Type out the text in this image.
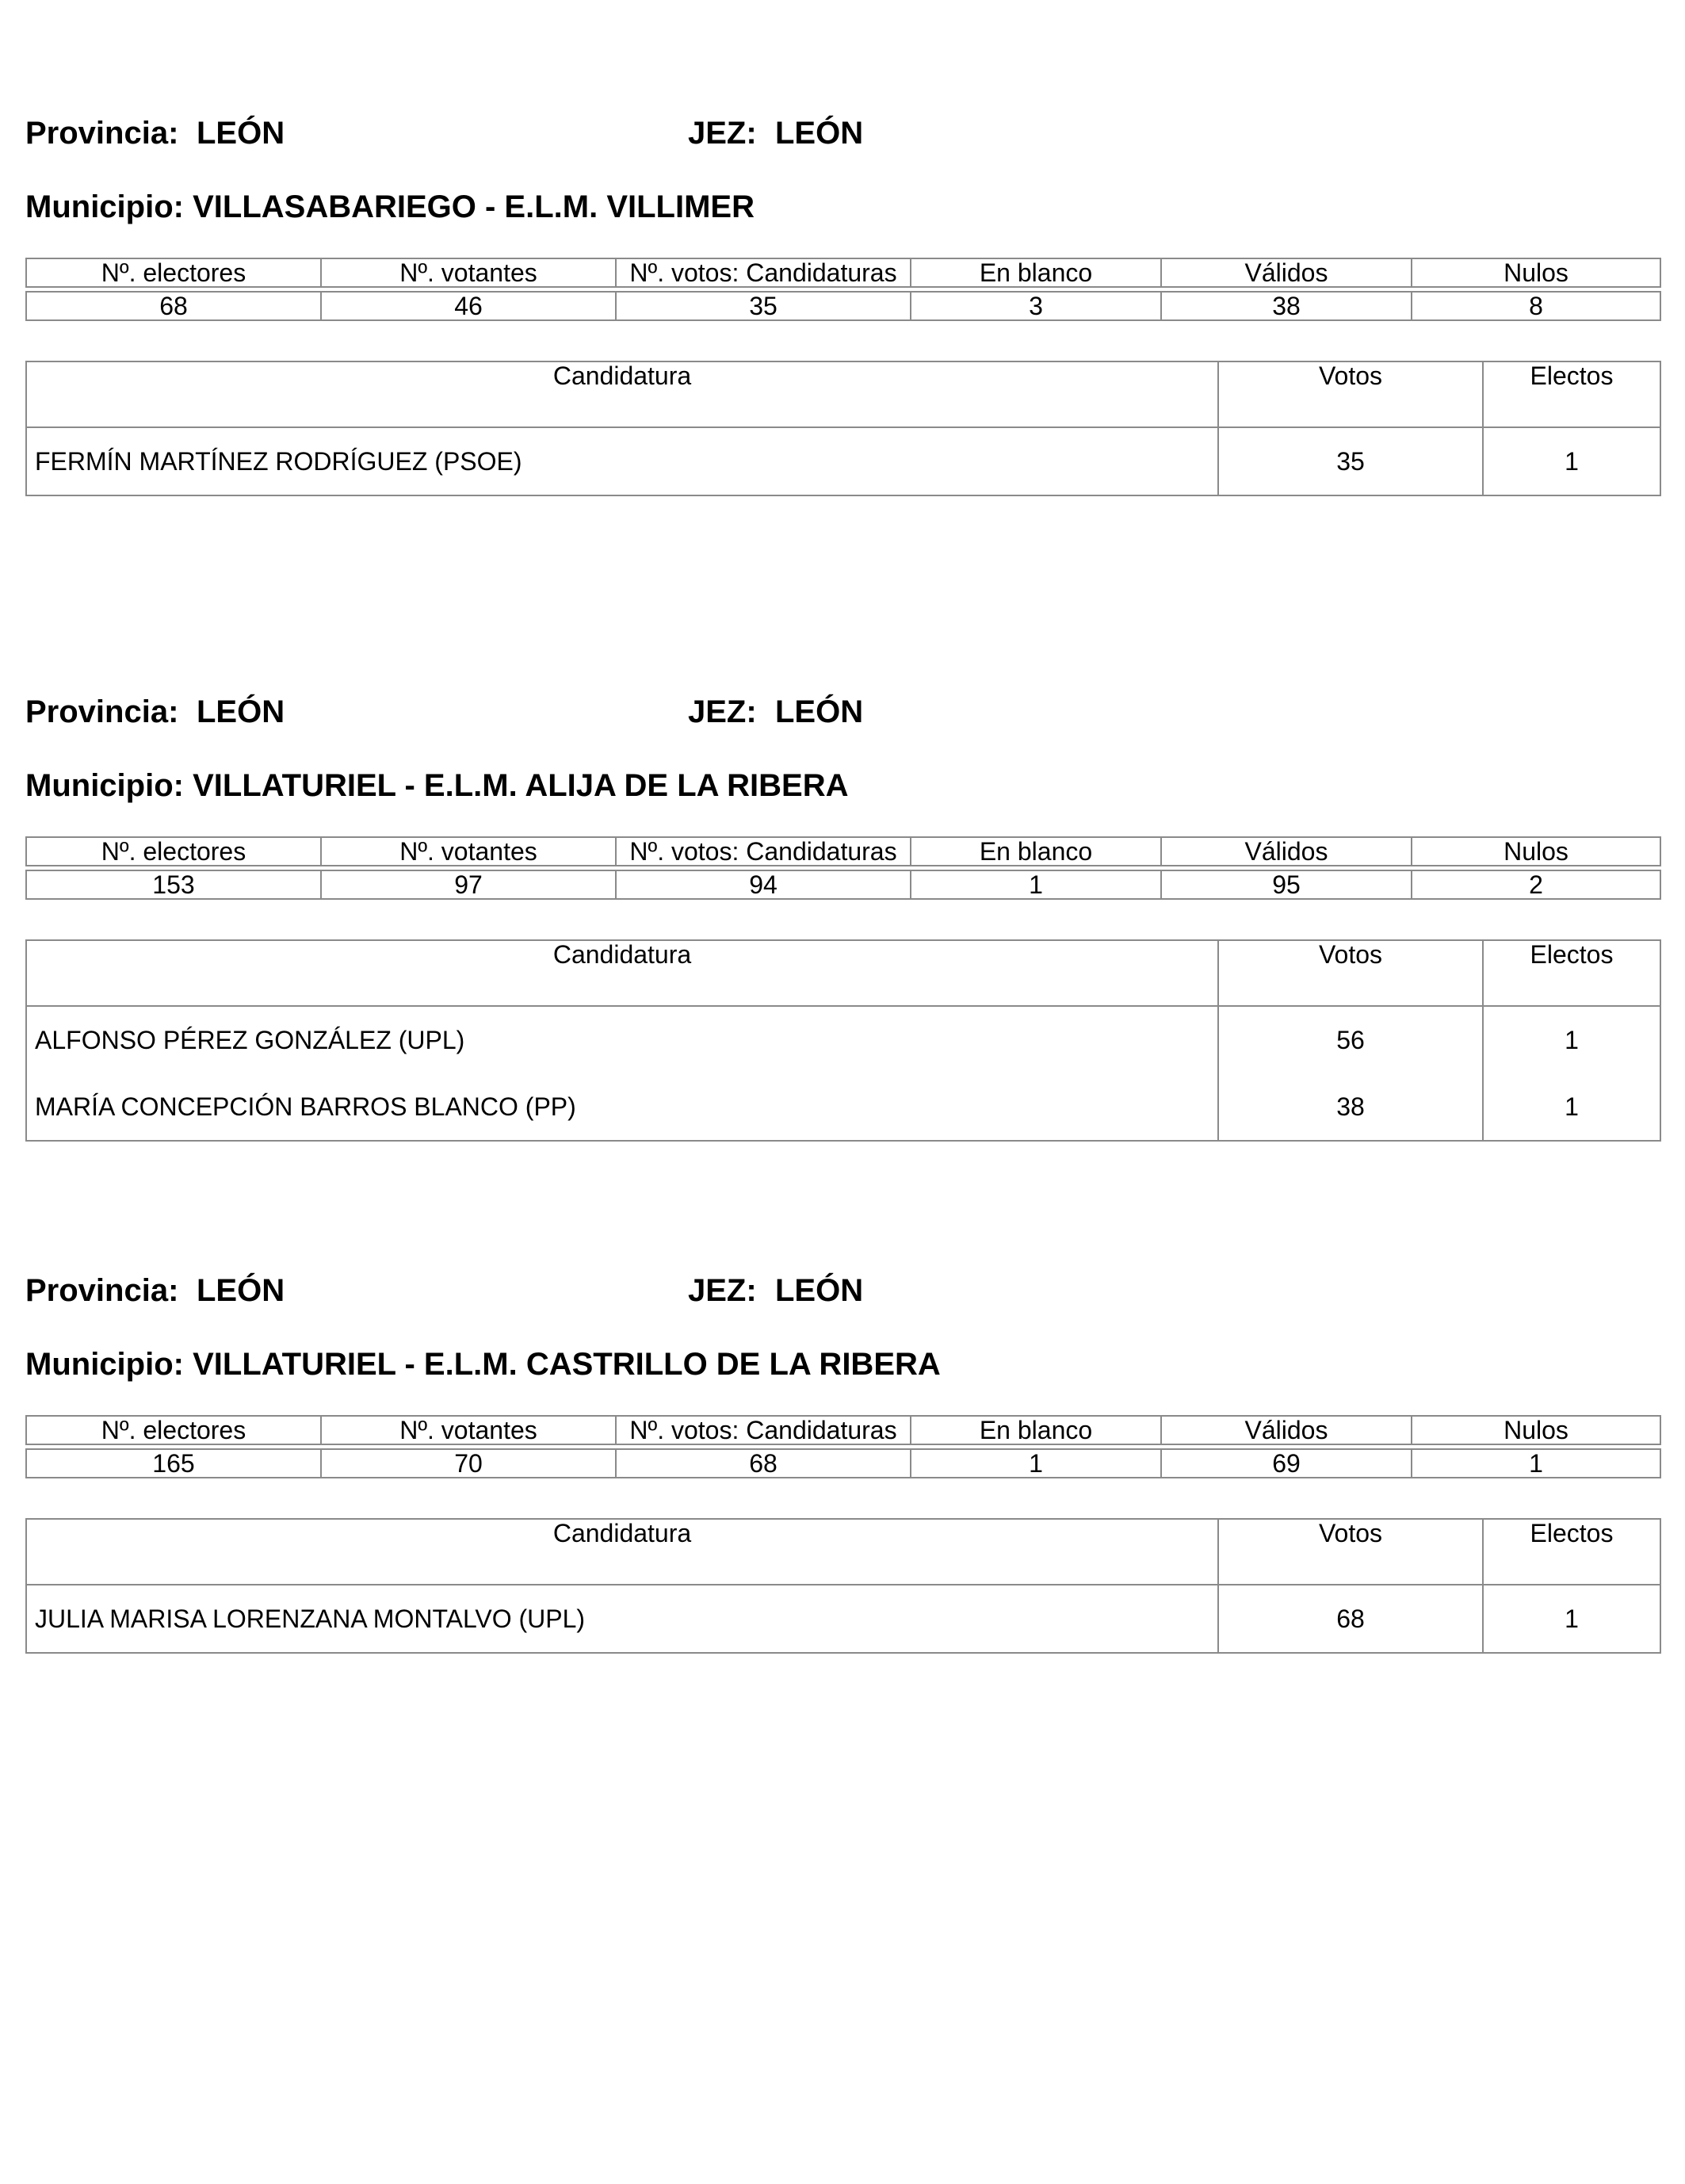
Provincia: LEÓN	JEZ: LEÓN
Municipio: VILLASABARIEGO - E.L.M. VILLIMER
Nº. electores	Nº. votantes	Nº. votos: Candidaturas	En blanco	Válidos	Nulos

68	46	35	3	38	8
Candidatura	Votos	Electos
FERMÍN MARTÍNEZ RODRÍGUEZ (PSOE)	35	1
Provincia: LEÓN	JEZ: LEÓN
Municipio: VILLATURIEL - E.L.M. ALIJA DE LA RIBERA
Nº. electores	Nº. votantes	Nº. votos: Candidaturas	En blanco	Válidos	Nulos

153	97	94	1	95	2
Candidatura	Votos	Electos
ALFONSO PÉREZ GONZÁLEZ (UPL)	56	1
MARÍA CONCEPCIÓN BARROS BLANCO (PP)	38	1
Provincia: LEÓN	JEZ: LEÓN
Municipio: VILLATURIEL - E.L.M. CASTRILLO DE LA RIBERA
Nº. electores	Nº. votantes	Nº. votos: Candidaturas	En blanco	Válidos	Nulos

165	70	68	1	69	1
Candidatura	Votos	Electos
JULIA MARISA LORENZANA MONTALVO (UPL)	68	1
